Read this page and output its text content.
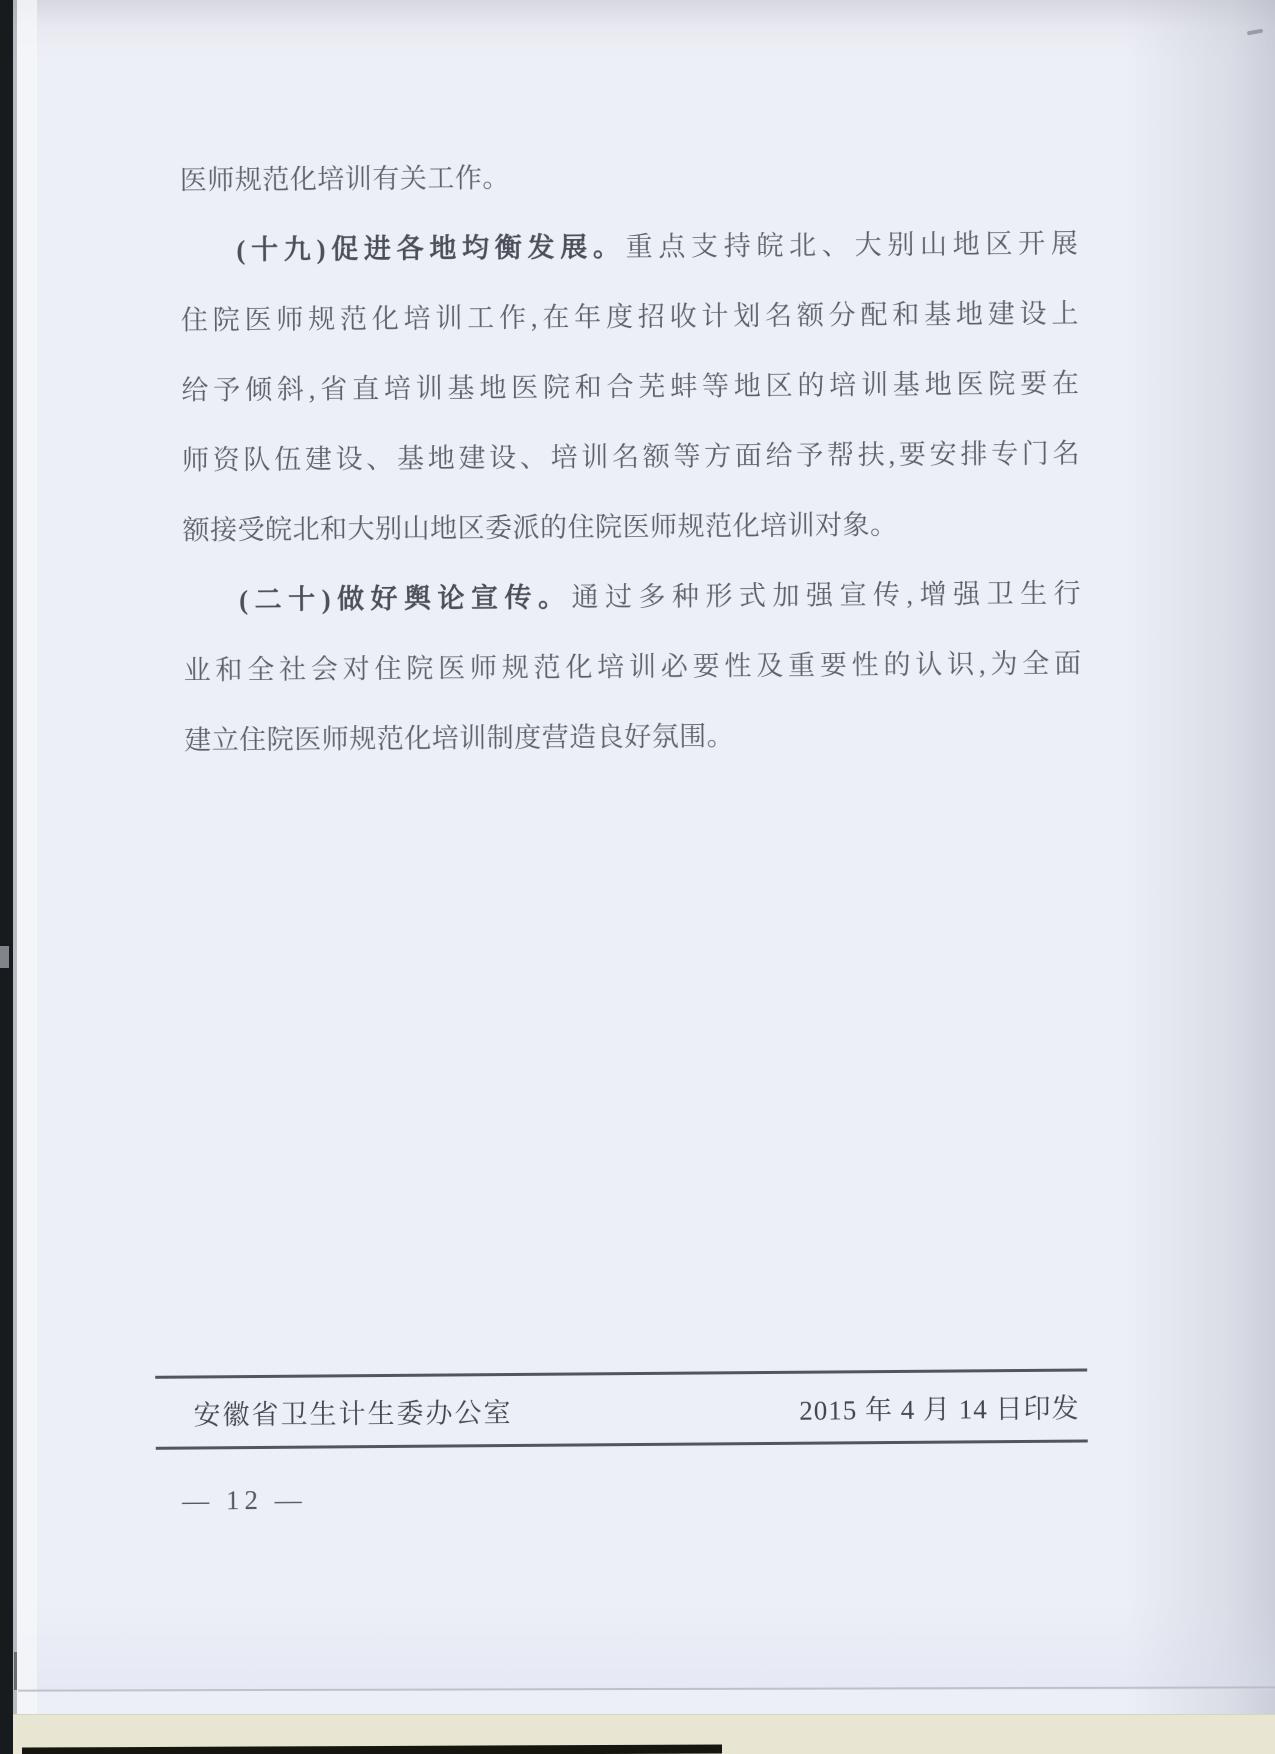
医师规范化培训有关工作。
(十九)促进各地均衡发展。重点支持皖北、大别山地区开展
住院医师规范化培训工作,在年度招收计划名额分配和基地建设上
给予倾斜,省直培训基地医院和合芜蚌等地区的培训基地医院要在
师资队伍建设、基地建设、培训名额等方面给予帮扶,要安排专门名
额接受皖北和大别山地区委派的住院医师规范化培训对象。
(二十)做好舆论宣传。通过多种形式加强宣传,增强卫生行
业和全社会对住院医师规范化培训必要性及重要性的认识,为全面
建立住院医师规范化培训制度营造良好氛围。
安徽省卫生计生委办公室	2015 年 4 月 14 日印发
— 12 —
